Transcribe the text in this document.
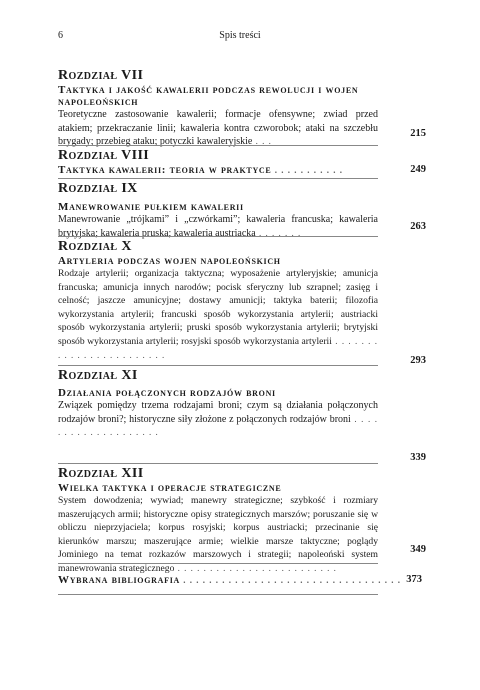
6	Spis treści
Rozdział VII
Taktyka i jakość kawalerii podczas rewolucji i wojen napoleońskich
Teoretyczne zastosowanie kawalerii; formacje ofensywne; zwiad przed atakiem; przekraczanie linii; kawaleria kontra czworobok; ataki na szczebłu brygady; przebieg ataku; potyczki kawaleryjskie . . .
215
Rozdział VIII
Taktyka kawalerii: teoria w praktyce . . . . . . . . . . .	249
Rozdział IX
Manewrowanie pułkiem kawalerii
Manewrowanie „trójkami” i „czwórkami”; kawaleria francuska; kawaleria brytyjska; kawaleria pruska; kawaleria austriacka . . . . . . .
263
Rozdział X
Artyleria podczas wojen napoleońskich
Rodzaje artylerii; organizacja taktyczna; wyposażenie artyleryjskie; amunicja francuska; amunicja innych narodów; pocisk sferyczny lub szrapnel; zasięg i celność; jaszcze amunicyjne; dostawy amunicji; taktyka baterii; filozofia wykorzystania artylerii; francuski sposób wykorzystania artylerii; austriacki sposób wykorzystania artylerii; pruski sposób wykorzystania artylerii; brytyjski sposób wykorzystania artylerii; rosyjski sposób wykorzystania artylerii . . . . . . . . . . . . . . . . . . . . . . . .
293
Rozdział XI
Działania połączonych rodzajów broni
Związek pomiędzy trzema rodzajami broni; czym są działania połączonych rodzajów broni?; historyczne siły złożone z połączonych rodzajów broni . . . . . . . . . . . . . . . . . . . .
339
Rozdział XII
Wielka taktyka i operacje strategiczne
System dowodzenia; wywiad; manewry strategiczne; szybkość i rozmiary maszerujących armii; historyczne opisy strategicznych marszów; poruszanie się w obliczu nieprzyjaciela; korpus rosyjski; korpus austriacki; przecinanie się kierunków marszu; maszerujące armie; wielkie marsze taktyczne; poglądy Jominiego na temat rozkazów marszowych i strategii; napoleoński system manewrowania strategicznego . . . . . . . . . . . . . . . . . . . . . . . . .
349
Wybrana bibliografia . . . . . . . . . . . . . . . . . . . . . . . . . . . . . . . . . . 373
